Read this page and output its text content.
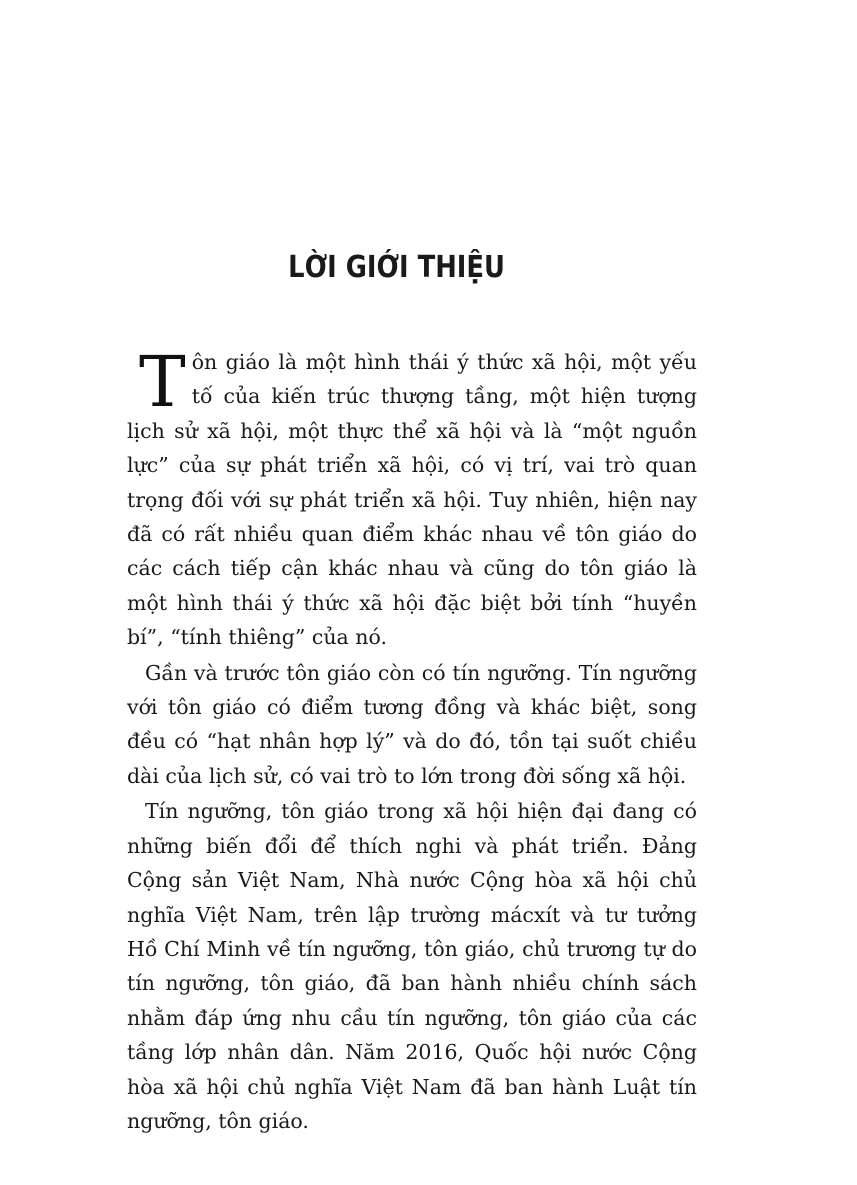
LỜI GIỚI THIỆU

Tôn giáo là một hình thái ý thức xã hội, một yếu tố của kiến trúc thượng tầng, một hiện tượng lịch sử xã hội, một thực thể xã hội và là “một nguồn lực” của sự phát triển xã hội, có vị trí, vai trò quan trọng đối với sự phát triển xã hội. Tuy nhiên, hiện nay đã có rất nhiều quan điểm khác nhau về tôn giáo do các cách tiếp cận khác nhau và cũng do tôn giáo là một hình thái ý thức xã hội đặc biệt bởi tính “huyền bí”, “tính thiêng” của nó.

Gần và trước tôn giáo còn có tín ngưỡng. Tín ngưỡng với tôn giáo có điểm tương đồng và khác biệt, song đều có “hạt nhân hợp lý” và do đó, tồn tại suốt chiều dài của lịch sử, có vai trò to lớn trong đời sống xã hội.

Tín ngưỡng, tôn giáo trong xã hội hiện đại đang có những biến đổi để thích nghi và phát triển. Đảng Cộng sản Việt Nam, Nhà nước Cộng hòa xã hội chủ nghĩa Việt Nam, trên lập trường mácxít và tư tưởng Hồ Chí Minh về tín ngưỡng, tôn giáo, chủ trương tự do tín ngưỡng, tôn giáo, đã ban hành nhiều chính sách nhằm đáp ứng nhu cầu tín ngưỡng, tôn giáo của các tầng lớp nhân dân. Năm 2016, Quốc hội nước Cộng hòa xã hội chủ nghĩa Việt Nam đã ban hành Luật tín ngưỡng, tôn giáo.
